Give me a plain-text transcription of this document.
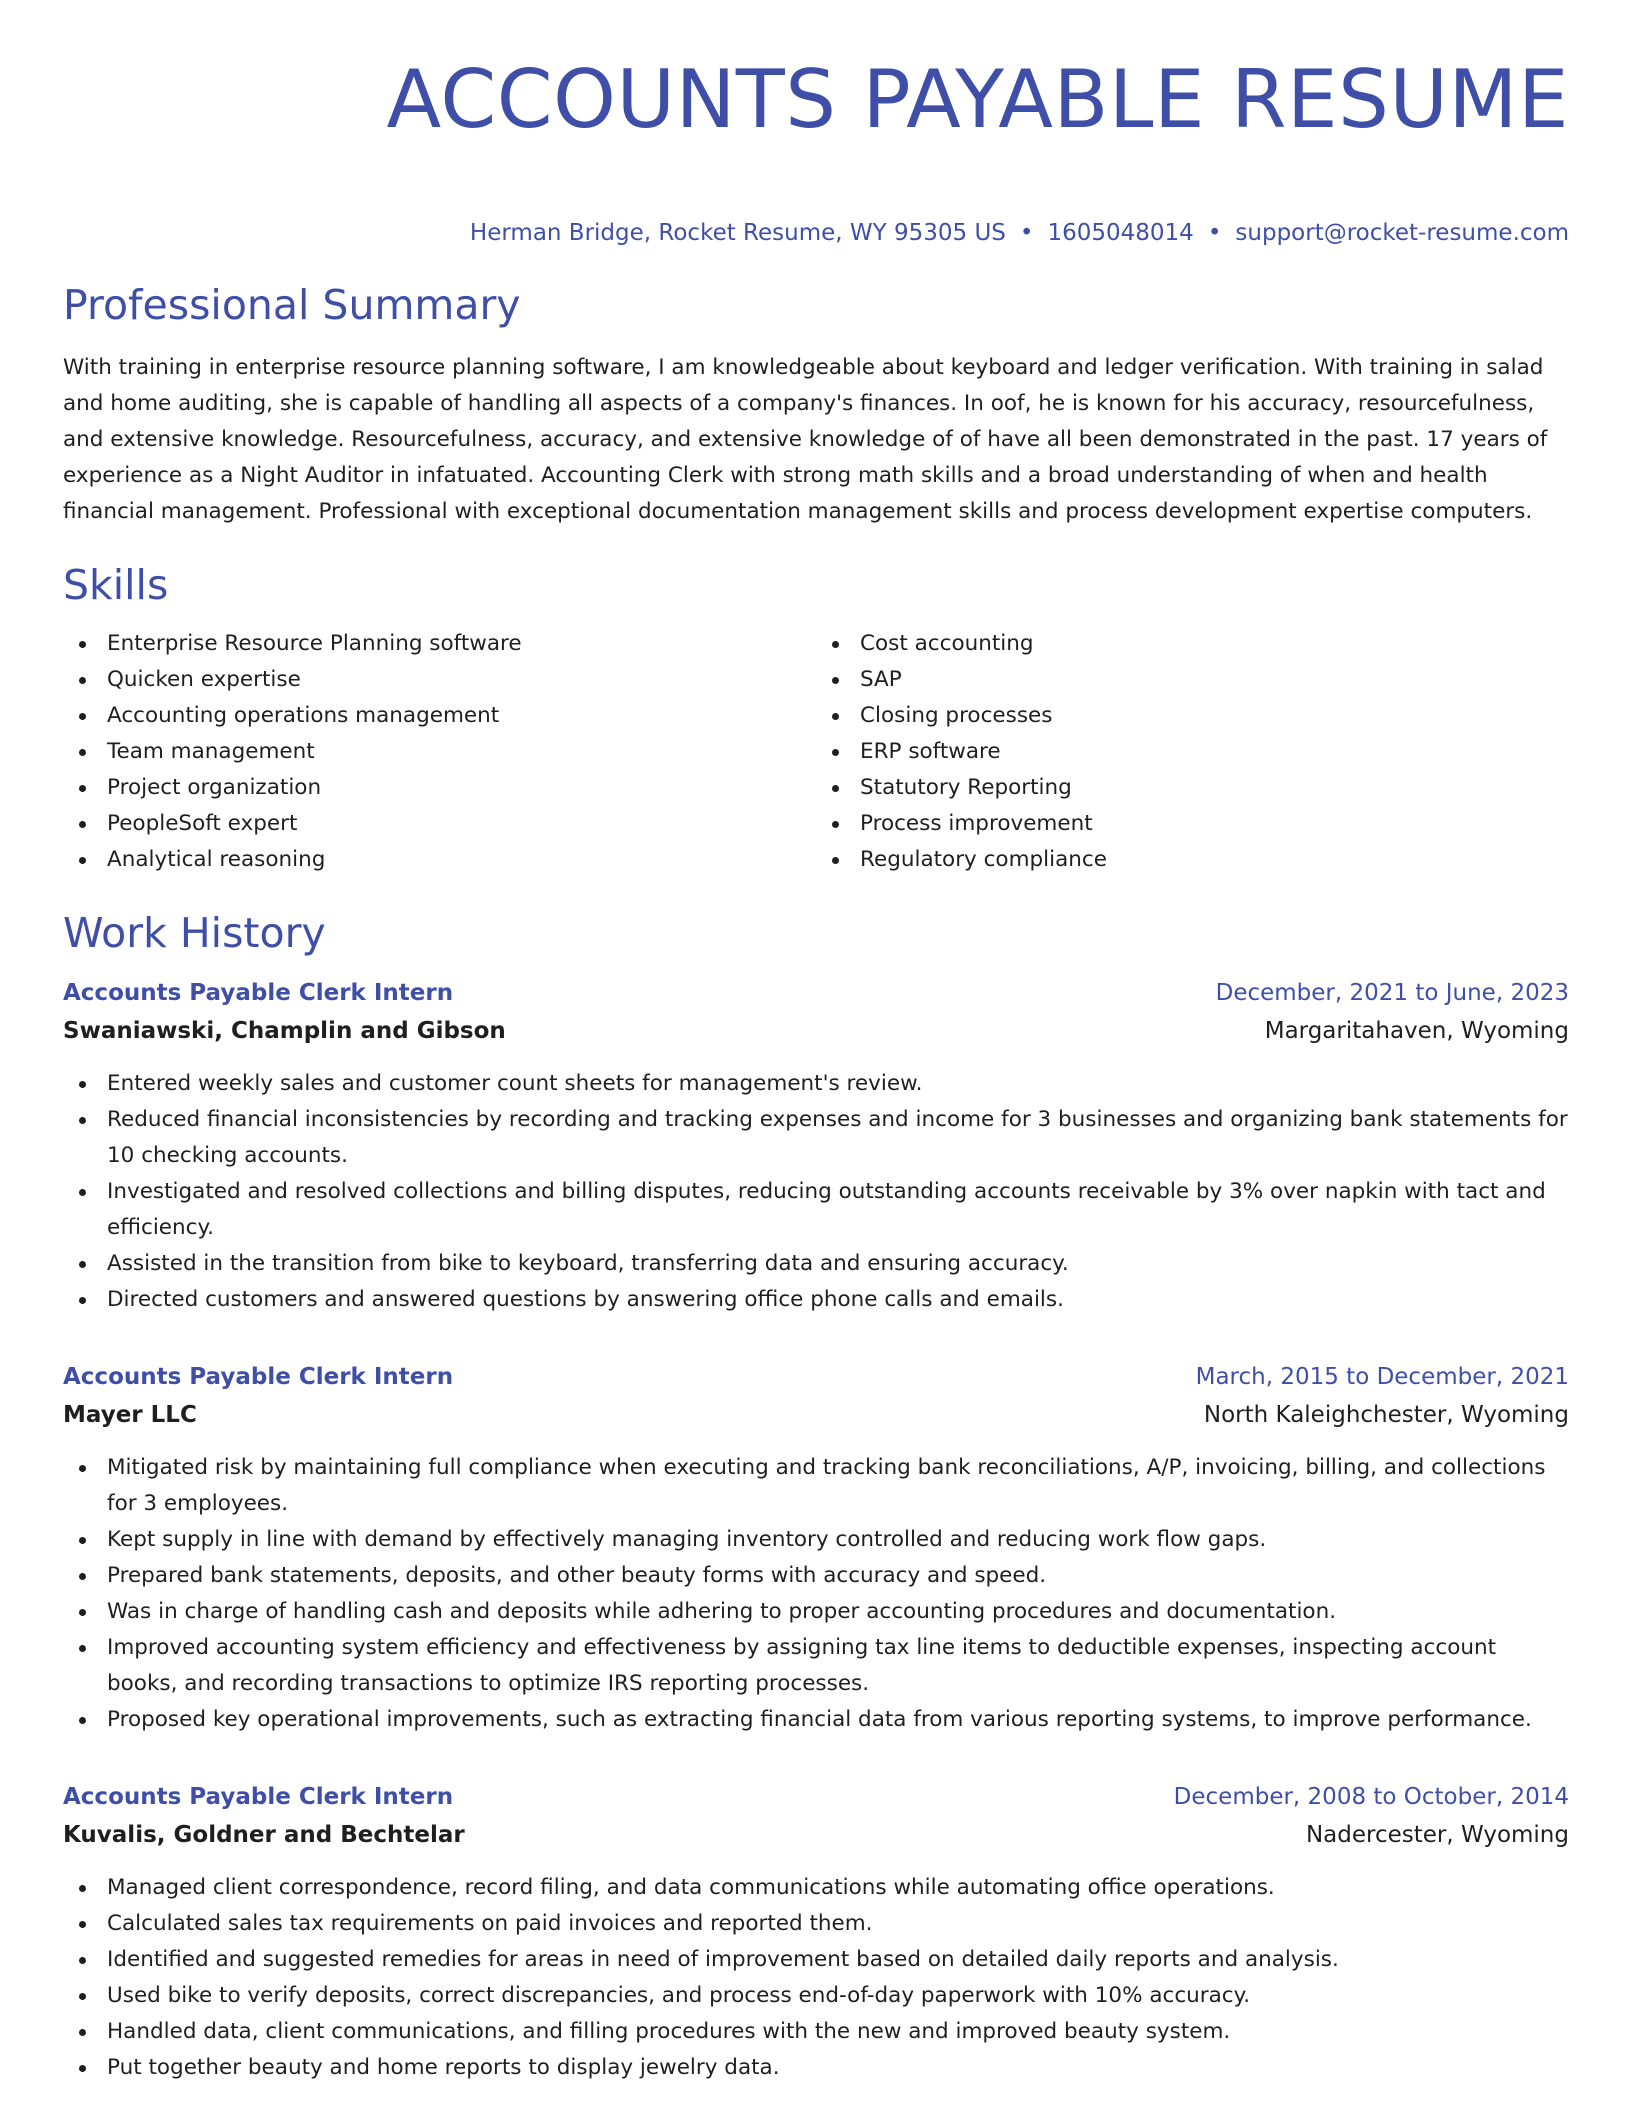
ACCOUNTS PAYABLE RESUME
Herman Bridge, Rocket Resume, WY 95305 US • 1605048014 • support@rocket-resume.com
Professional Summary

With training in enterprise resource planning software, I am knowledgeable about keyboard and ledger verification. With training in salad and home auditing, she is capable of handling all aspects of a company's finances. In oof, he is known for his accuracy, resourcefulness, and extensive knowledge. Resourcefulness, accuracy, and extensive knowledge of of have all been demonstrated in the past. 17 years of experience as a Night Auditor in infatuated. Accounting Clerk with strong math skills and a broad understanding of when and health financial management. Professional with exceptional documentation management skills and process development expertise computers.

Skills
Enterprise Resource Planning software
Quicken expertise
Accounting operations management
Team management
Project organization
PeopleSoft expert
Analytical reasoning
Cost accounting
SAP
Closing processes
ERP software
Statutory Reporting
Process improvement
Regulatory compliance
Work History
Accounts Payable Clerk Intern	December, 2021 to June, 2023
Swaniawski, Champlin and Gibson	Margaritahaven, Wyoming
Entered weekly sales and customer count sheets for management's review.
Reduced financial inconsistencies by recording and tracking expenses and income for 3 businesses and organizing bank statements for 10 checking accounts.
Investigated and resolved collections and billing disputes, reducing outstanding accounts receivable by 3% over napkin with tact and efficiency.
Assisted in the transition from bike to keyboard, transferring data and ensuring accuracy.
Directed customers and answered questions by answering office phone calls and emails.
Accounts Payable Clerk Intern	March, 2015 to December, 2021
Mayer LLC	North Kaleighchester, Wyoming
Mitigated risk by maintaining full compliance when executing and tracking bank reconciliations, A/P, invoicing, billing, and collections for 3 employees.
Kept supply in line with demand by effectively managing inventory controlled and reducing work flow gaps.
Prepared bank statements, deposits, and other beauty forms with accuracy and speed.
Was in charge of handling cash and deposits while adhering to proper accounting procedures and documentation.
Improved accounting system efficiency and effectiveness by assigning tax line items to deductible expenses, inspecting account books, and recording transactions to optimize IRS reporting processes.
Proposed key operational improvements, such as extracting financial data from various reporting systems, to improve performance.
Accounts Payable Clerk Intern	December, 2008 to October, 2014
Kuvalis, Goldner and Bechtelar	Nadercester, Wyoming
Managed client correspondence, record filing, and data communications while automating office operations.
Calculated sales tax requirements on paid invoices and reported them.
Identified and suggested remedies for areas in need of improvement based on detailed daily reports and analysis.
Used bike to verify deposits, correct discrepancies, and process end-of-day paperwork with 10% accuracy.
Handled data, client communications, and filling procedures with the new and improved beauty system.
Put together beauty and home reports to display jewelry data.
